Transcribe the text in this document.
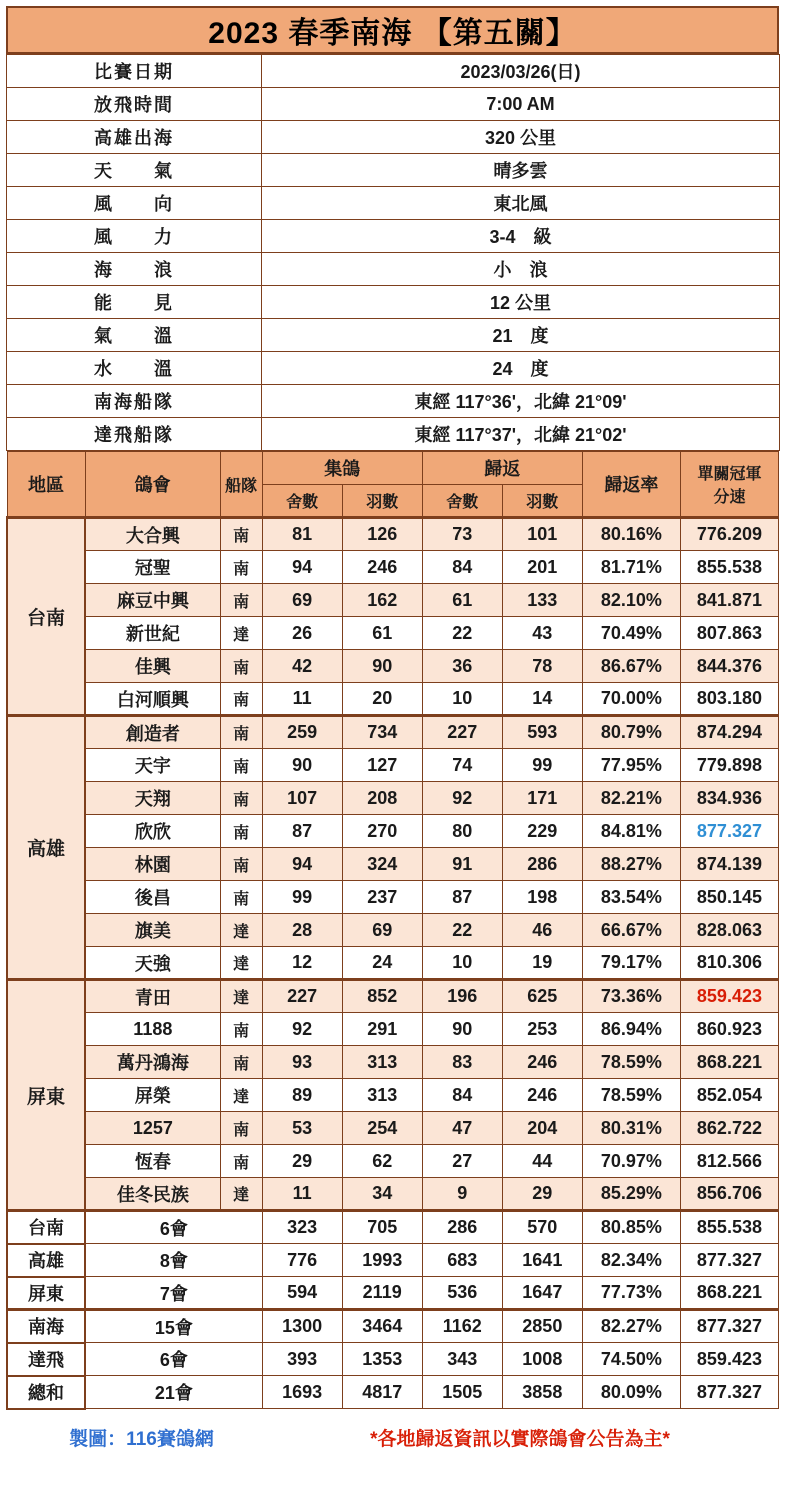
2023 春季南海 【第五關】
比賽日期	2023/03/26(日)
放飛時間	7:00 AM
高雄出海	320 公里
天　　氣	晴多雲
風　　向	東北風
風　　力	3-4　級
海　　浪	小　浪
能　　見	12 公里
氣　　溫	21　度
水　　溫	24　度
南海船隊	東經 117°36'，北緯 21°09'
達飛船隊	東經 117°37'，北緯 21°02'
地區	鴿會	船隊	集鴿		歸返		歸返率	單關冠軍
分速

			舍數	羽數	舍數	羽數		
台南	大合興	南	81	126	73	101	80.16%	776.209
	冠聖	南	94	246	84	201	81.71%	855.538
	麻豆中興	南	69	162	61	133	82.10%	841.871
	新世紀	達	26	61	22	43	70.49%	807.863
	佳興	南	42	90	36	78	86.67%	844.376
	白河順興	南	11	20	10	14	70.00%	803.180
高雄	創造者	南	259	734	227	593	80.79%	874.294
	天宇	南	90	127	74	99	77.95%	779.898
	天翔	南	107	208	92	171	82.21%	834.936
	欣欣	南	87	270	80	229	84.81%	877.327
	林園	南	94	324	91	286	88.27%	874.139
	後昌	南	99	237	87	198	83.54%	850.145
	旗美	達	28	69	22	46	66.67%	828.063
	天強	達	12	24	10	19	79.17%	810.306
屏東	青田	達	227	852	196	625	73.36%	859.423
	1188	南	92	291	90	253	86.94%	860.923
	萬丹鴻海	南	93	313	83	246	78.59%	868.221
	屏榮	達	89	313	84	246	78.59%	852.054
	1257	南	53	254	47	204	80.31%	862.722
	恆春	南	29	62	27	44	70.97%	812.566
	佳冬民族	達	11	34	9	29	85.29%	856.706
台南	6會		323	705	286	570	80.85%	855.538
高雄	8會		776	1993	683	1641	82.34%	877.327
屏東	7會		594	2119	536	1647	77.73%	868.221
南海	15會		1300	3464	1162	2850	82.27%	877.327
達飛	6會		393	1353	343	1008	74.50%	859.423
總和	21會		1693	4817	1505	3858	80.09%	877.327
製圖：116賽鴿網	*各地歸返資訊以實際鴿會公告為主*
